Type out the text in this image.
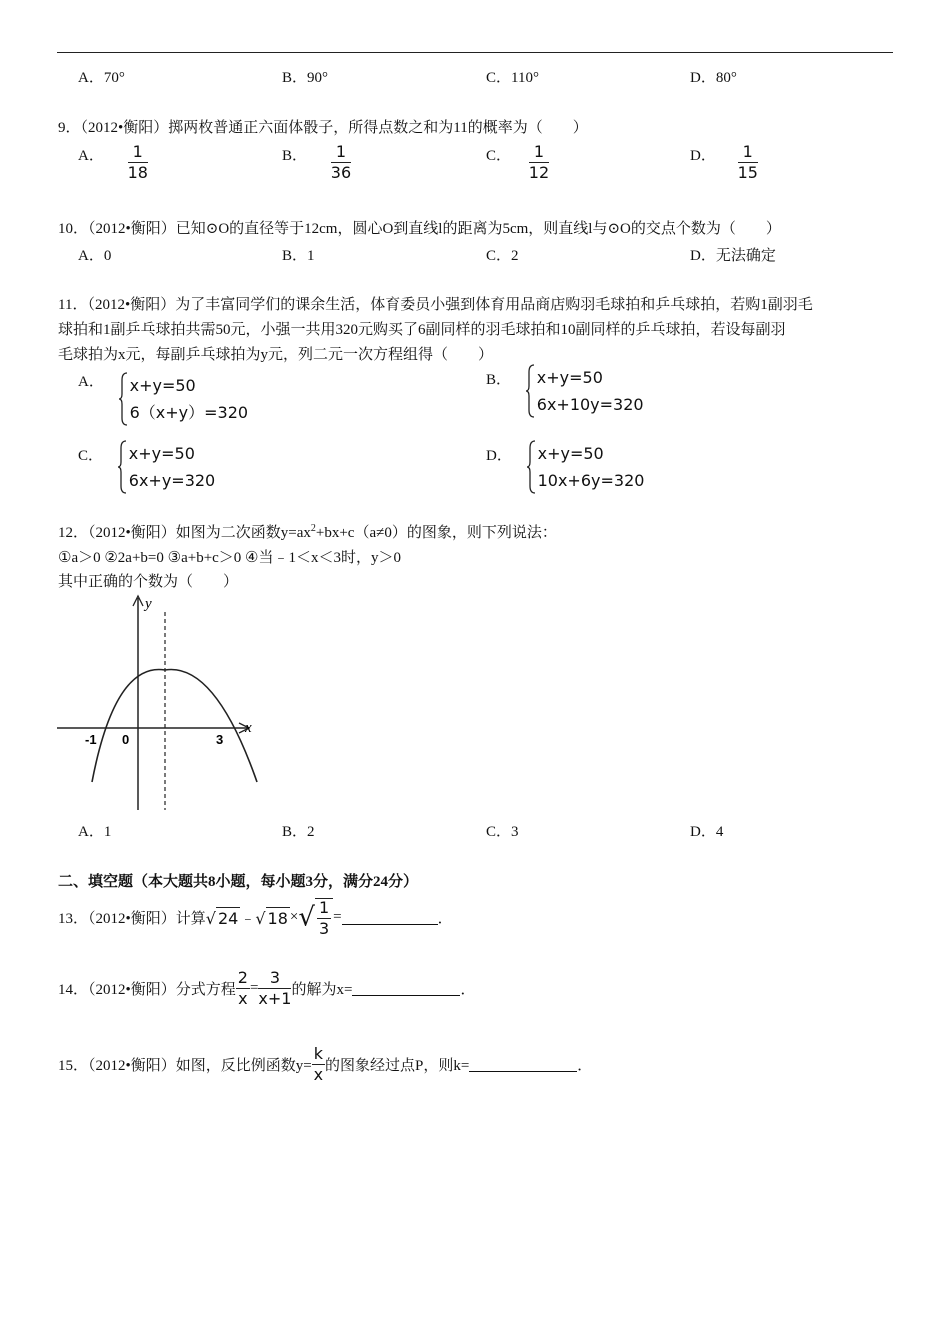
A．70°	B．90°	C．110°	D．80°
9．（2012•衡阳）掷两枚普通正六面体骰子，所得点数之和为11的概率为（　　）
A． $\frac{1}{18}$	B． $\frac{1}{36}$	C． $\frac{1}{12}$	D． $\frac{1}{15}$
10．（2012•衡阳）已知⊙O的直径等于12cm，圆心O到直线l的距离为5cm，则直线l与⊙O的交点个数为（　　）
A．0	B．1	C．2	D．无法确定
11．（2012•衡阳）为了丰富同学们的课余生活，体育委员小强到体育用品商店购羽毛球拍和乒乓球拍，若购1副羽毛
球拍和1副乒乓球拍共需50元，小强一共用320元购买了6副同样的羽毛球拍和10副同样的乒乓球拍，若设每副羽
毛球拍为x元，每副乒乓球拍为y元，列二元一次方程组得（　　）
A． x+y=50
6（x+y）=320
B． x+y=50
6x+10y=320
C． x+y=50
6x+y=320
D． x+y=50
10x+6y=320
12．（2012•衡阳）如图为二次函数$y=ax^2+bx+c(a\ne 0)$的图象，则下列说法：
①a＞0 ②2a+b=0 ③a+b+c＞0 ④当﹣1＜x＜3时，y＞0
其中正确的个数为（　　）
y
x
-1 0	3
A．1	B．2	C．3	D．4
二、填空题（本大题共8小题，每小题3分，满分24分）
13．（2012•衡阳）计算√ 24 ﹣√ 18 ×√ $\frac{1}{3}$ =	．
14．（2012•衡阳）分式方程 $\frac{2}{x} = \frac{3}{x+1}$ 的解为x=	．
15．（2012•衡阳）如图，反比例函数$y= \frac{k}{x}$ 的图象经过点P，则k=	．
